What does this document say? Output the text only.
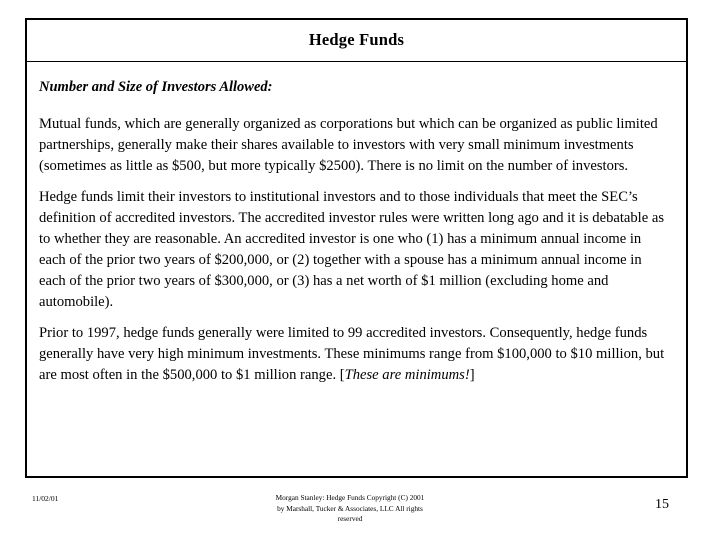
Hedge Funds
Number and Size of Investors Allowed:

Mutual funds, which are generally organized as corporations but which can be organized as public limited partnerships, generally make their shares available to investors with very small minimum investments (sometimes as little as $500, but more typically $2500). There is no limit on the number of investors.

Hedge funds limit their investors to institutional investors and to those individuals that meet the SEC’s definition of accredited investors. The accredited investor rules were written long ago and it is debatable as to whether they are reasonable. An accredited investor is one who (1) has a minimum annual income in each of the prior two years of $200,000, or (2) together with a spouse has a minimum annual income in each of the prior two years of $300,000, or (3) has a net worth of $1 million (excluding home and automobile).

Prior to 1997, hedge funds generally were limited to 99 accredited investors. Consequently, hedge funds generally have very high minimum investments. These minimums range from $100,000 to $10 million, but are most often in the $500,000 to $1 million range. [These are minimums!]

11/02/01	Morgan Stanley: Hedge Funds Copyright (C) 2001
by Marshall, Tucker & Associates, LLC All rights
reserved
15
